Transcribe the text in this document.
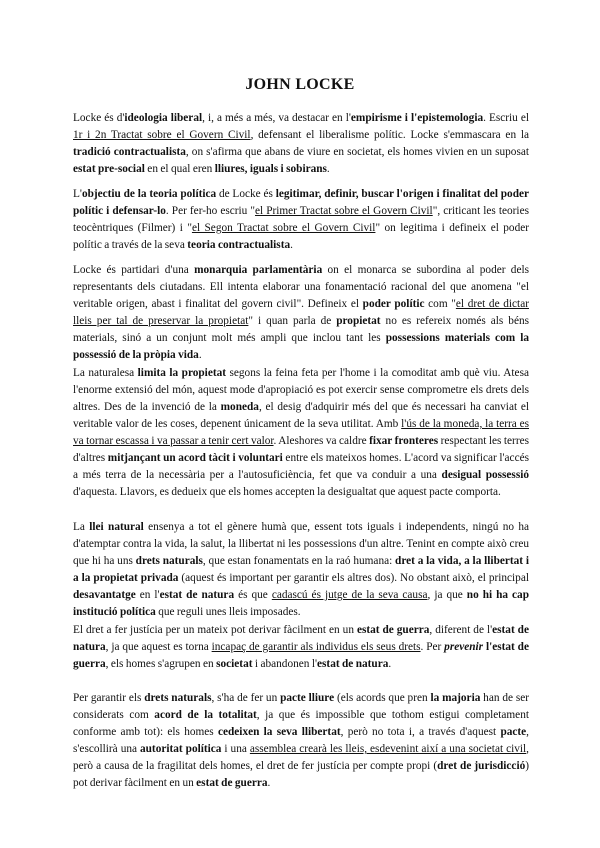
JOHN LOCKE

Locke és d'ideologia liberal, i, a més a més, va destacar en l'empirisme i l'epistemologia. Escriu el 1r i 2n Tractat sobre el Govern Civil, defensant el liberalisme polític. Locke s'emmascara en la tradició contractualista, on s'afirma que abans de viure en societat, els homes vivien en un suposat estat pre-social en el qual eren lliures, iguals i sobirans.

L'objectiu de la teoria política de Locke és legitimar, definir, buscar l'origen i finalitat del poder polític i defensar-lo. Per fer-ho escriu "el Primer Tractat sobre el Govern Civil", criticant les teories teocèntriques (Filmer) i "el Segon Tractat sobre el Govern Civil" on legitima i defineix el poder polític a través de la seva teoria contractualista.

Locke és partidari d'una monarquia parlamentària on el monarca se subordina al poder dels representants dels ciutadans. Ell intenta elaborar una fonamentació racional del que anomena "el veritable origen, abast i finalitat del govern civil". Defineix el poder polític com "el dret de dictar lleis per tal de preservar la propietat" i quan parla de propietat no es refereix només als béns materials, sinó a un conjunt molt més ampli que inclou tant les possessions materials com la possessió de la pròpia vida.

La naturalesa limita la propietat segons la feina feta per l'home i la comoditat amb què viu. Atesa l'enorme extensió del món, aquest mode d'apropiació es pot exercir sense comprometre els drets dels altres. Des de la invenció de la moneda, el desig d'adquirir més del que és necessari ha canviat el veritable valor de les coses, depenent únicament de la seva utilitat. Amb l'ús de la moneda, la terra es va tornar escassa i va passar a tenir cert valor. Aleshores va caldre fixar fronteres respectant les terres d'altres mitjançant un acord tàcit i voluntari entre els mateixos homes. L'acord va significar l'accés a més terra de la necessària per a l'autosuficiència, fet que va conduir a una desigual possessió d'aquesta. Llavors, es dedueix que els homes accepten la desigualtat que aquest pacte comporta.

La llei natural ensenya a tot el gènere humà que, essent tots iguals i independents, ningú no ha d'atemptar contra la vida, la salut, la llibertat ni les possessions d'un altre. Tenint en compte això creu que hi ha uns drets naturals, que estan fonamentats en la raó humana: dret a la vida, a la llibertat i a la propietat privada (aquest és important per garantir els altres dos). No obstant això, el principal desavantatge en l'estat de natura és que cadascú és jutge de la seva causa, ja que no hi ha cap institució política que reguli unes lleis imposades.

El dret a fer justícia per un mateix pot derivar fàcilment en un estat de guerra, diferent de l'estat de natura, ja que aquest es torna incapaç de garantir als individus els seus drets. Per prevenir l'estat de guerra, els homes s'agrupen en societat i abandonen l'estat de natura.

Per garantir els drets naturals, s'ha de fer un pacte lliure (els acords que pren la majoria han de ser considerats com acord de la totalitat, ja que és impossible que tothom estigui completament conforme amb tot): els homes cedeixen la seva llibertat, però no tota i, a través d'aquest pacte, s'escollirà una autoritat política i una assemblea crearà les lleis, esdevenint així a una societat civil, però a causa de la fragilitat dels homes, el dret de fer justícia per compte propi (dret de jurisdicció) pot derivar fàcilment en un estat de guerra.
